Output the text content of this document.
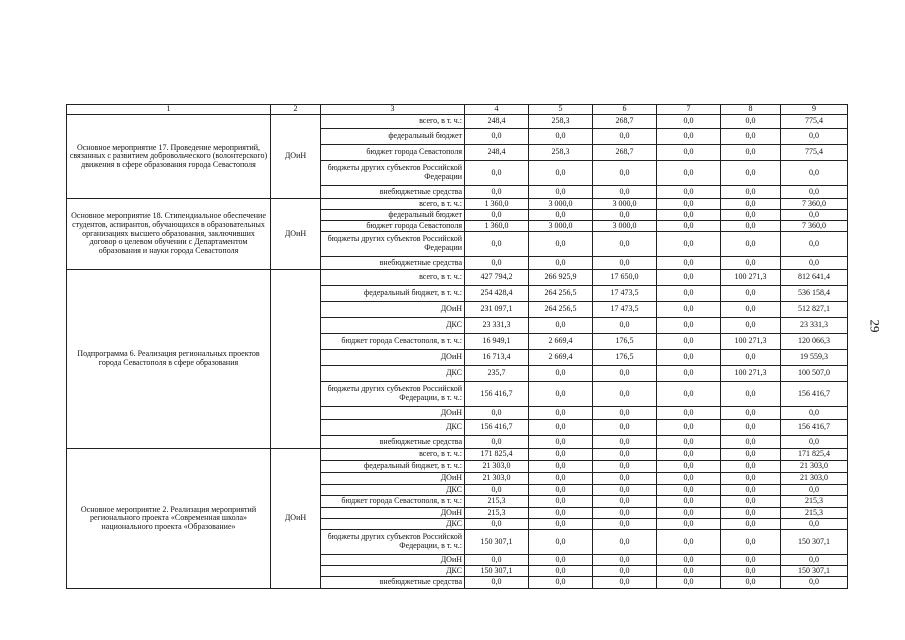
29
1	2	3	4	5	6	7	8	9
Основное мероприятие 17. Проведение мероприятий, связанных с развитием добровольческого (волонтерского) движения в сфере образования города Севастополя	ДОиН	всего, в т. ч.:	248,4	258,3	268,7	0,0	0,0	775,4
		федеральный бюджет	0,0	0,0	0,0	0,0	0,0	0,0
		бюджет города Севастополя	248,4	258,3	268,7	0,0	0,0	775,4
		бюджеты других субъектов Российской Федерации	0,0	0,0	0,0	0,0	0,0	0,0
		внебюджетные средства	0,0	0,0	0,0	0,0	0,0	0,0
Основное мероприятие 18. Стипендиальное обеспечение студентов, аспирантов, обучающихся в образовательных организациях высшего образования, заключивших договор о целевом обучении с Департаментом образования и науки города Севастополя	ДОиН	всего, в т. ч.:	1 360,0	3 000,0	3 000,0	0,0	0,0	7 360,0
		федеральный бюджет	0,0	0,0	0,0	0,0	0,0	0,0
		бюджет города Севастополя	1 360,0	3 000,0	3 000,0	0,0	0,0	7 360,0
		бюджеты других субъектов Российской Федерации	0,0	0,0	0,0	0,0	0,0	0,0
		внебюджетные средства	0,0	0,0	0,0	0,0	0,0	0,0
Подпрограмма 6. Реализация региональных проектов города Севастополя в сфере образования		всего, в т. ч.:	427 794,2	266 925,9	17 650,0	0,0	100 271,3	812 641,4
		федеральный бюджет, в т. ч.:	254 428,4	264 256,5	17 473,5	0,0	0,0	536 158,4
		ДОиН	231 097,1	264 256,5	17 473,5	0,0	0,0	512 827,1
		ДКС	23 331,3	0,0	0,0	0,0	0,0	23 331,3
		бюджет города Севастополя, в т. ч.:	16 949,1	2 669,4	176,5	0,0	100 271,3	120 066,3
		ДОиН	16 713,4	2 669,4	176,5	0,0	0,0	19 559,3
		ДКС	235,7	0,0	0,0	0,0	100 271,3	100 507,0
		бюджеты других субъектов Российской Федерации, в т. ч.:	156 416,7	0,0	0,0	0,0	0,0	156 416,7
		ДОиН	0,0	0,0	0,0	0,0	0,0	0,0
		ДКС	156 416,7	0,0	0,0	0,0	0,0	156 416,7
		внебюджетные средства	0,0	0,0	0,0	0,0	0,0	0,0
Основное мероприятие 2. Реализация мероприятий регионального проекта «Современная школа» национального проекта «Образование»	ДОиН	всего, в т. ч.:	171 825,4	0,0	0,0	0,0	0,0	171 825,4
		федеральный бюджет, в т. ч.:	21 303,0	0,0	0,0	0,0	0,0	21 303,0
		ДОиН	21 303,0	0,0	0,0	0,0	0,0	21 303,0
		ДКС	0,0	0,0	0,0	0,0	0,0	0,0
		бюджет города Севастополя, в т. ч.:	215,3	0,0	0,0	0,0	0,0	215,3
		ДОиН	215,3	0,0	0,0	0,0	0,0	215,3
		ДКС	0,0	0,0	0,0	0,0	0,0	0,0
		бюджеты других субъектов Российской Федерации, в т. ч.:	150 307,1	0,0	0,0	0,0	0,0	150 307,1
		ДОиН	0,0	0,0	0,0	0,0	0,0	0,0
		ДКС	150 307,1	0,0	0,0	0,0	0,0	150 307,1
		внебюджетные средства	0,0	0,0	0,0	0,0	0,0	0,0
